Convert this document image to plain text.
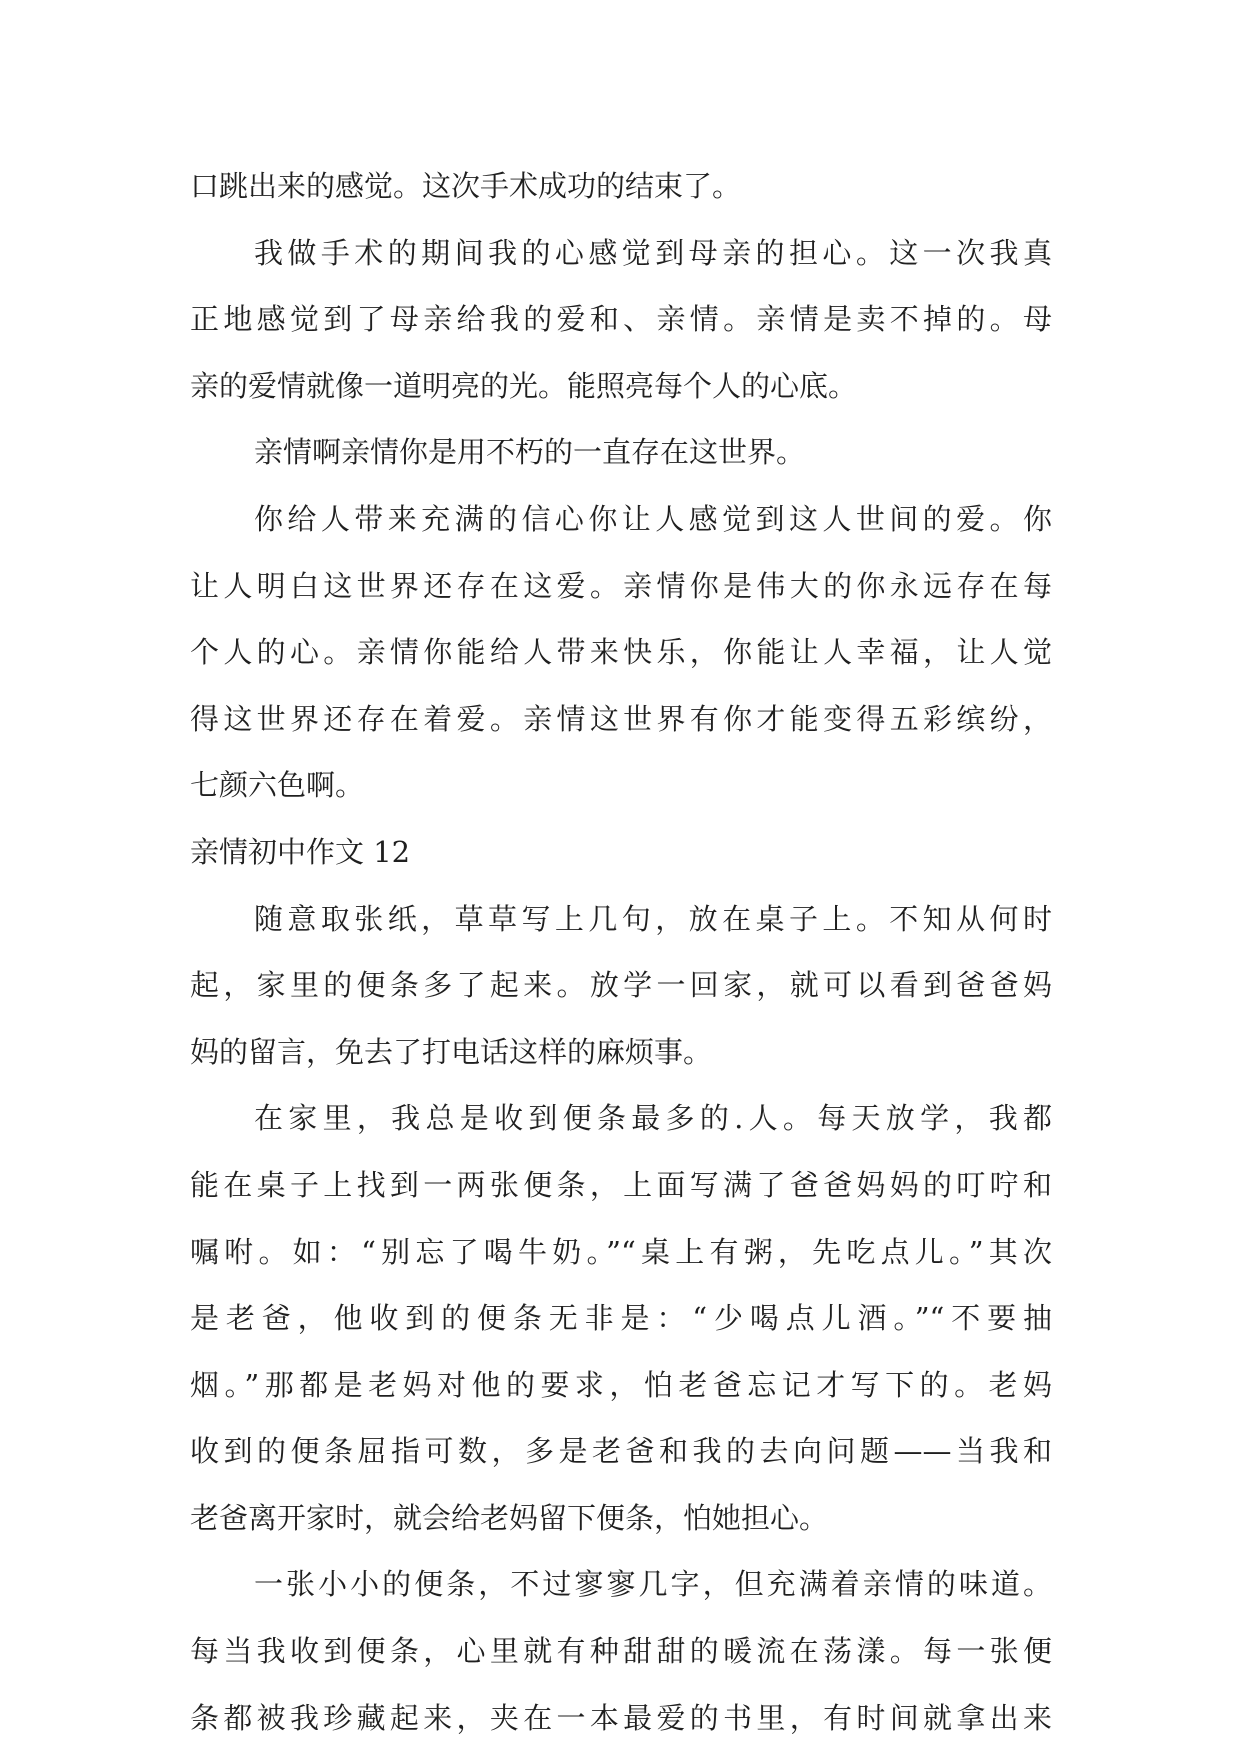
口跳出来的感觉。这次手术成功的结束了。
我做手术的期间我的心感觉到母亲的担心。这一次我真
正地感觉到了母亲给我的爱和、亲情。亲情是卖不掉的。母
亲的爱情就像一道明亮的光。能照亮每个人的心底。
亲情啊亲情你是用不朽的一直存在这世界。
你给人带来充满的信心你让人感觉到这人世间的爱。你
让人明白这世界还存在这爱。亲情你是伟大的你永远存在每
个人的心。亲情你能给人带来快乐，你能让人幸福，让人觉
得这世界还存在着爱。亲情这世界有你才能变得五彩缤纷，
七颜六色啊。
亲情初中作文 12
随意取张纸，草草写上几句，放在桌子上。不知从何时
起，家里的便条多了起来。放学一回家，就可以看到爸爸妈
妈的留言，免去了打电话这样的麻烦事。
在家里，我总是收到便条最多的.人。每天放学，我都
能在桌子上找到一两张便条，上面写满了爸爸妈妈的叮咛和
嘱咐。如：“别忘了喝牛奶。”“桌上有粥，先吃点儿。”其次
是老爸，他收到的便条无非是：“少喝点儿酒。”“不要抽
烟。”那都是老妈对他的要求，怕老爸忘记才写下的。老妈
收到的便条屈指可数，多是老爸和我的去向问题——当我和
老爸离开家时，就会给老妈留下便条，怕她担心。
一张小小的便条，不过寥寥几字，但充满着亲情的味道。
每当我收到便条，心里就有种甜甜的暖流在荡漾。每一张便
条都被我珍藏起来，夹在一本最爱的书里，有时间就拿出来
